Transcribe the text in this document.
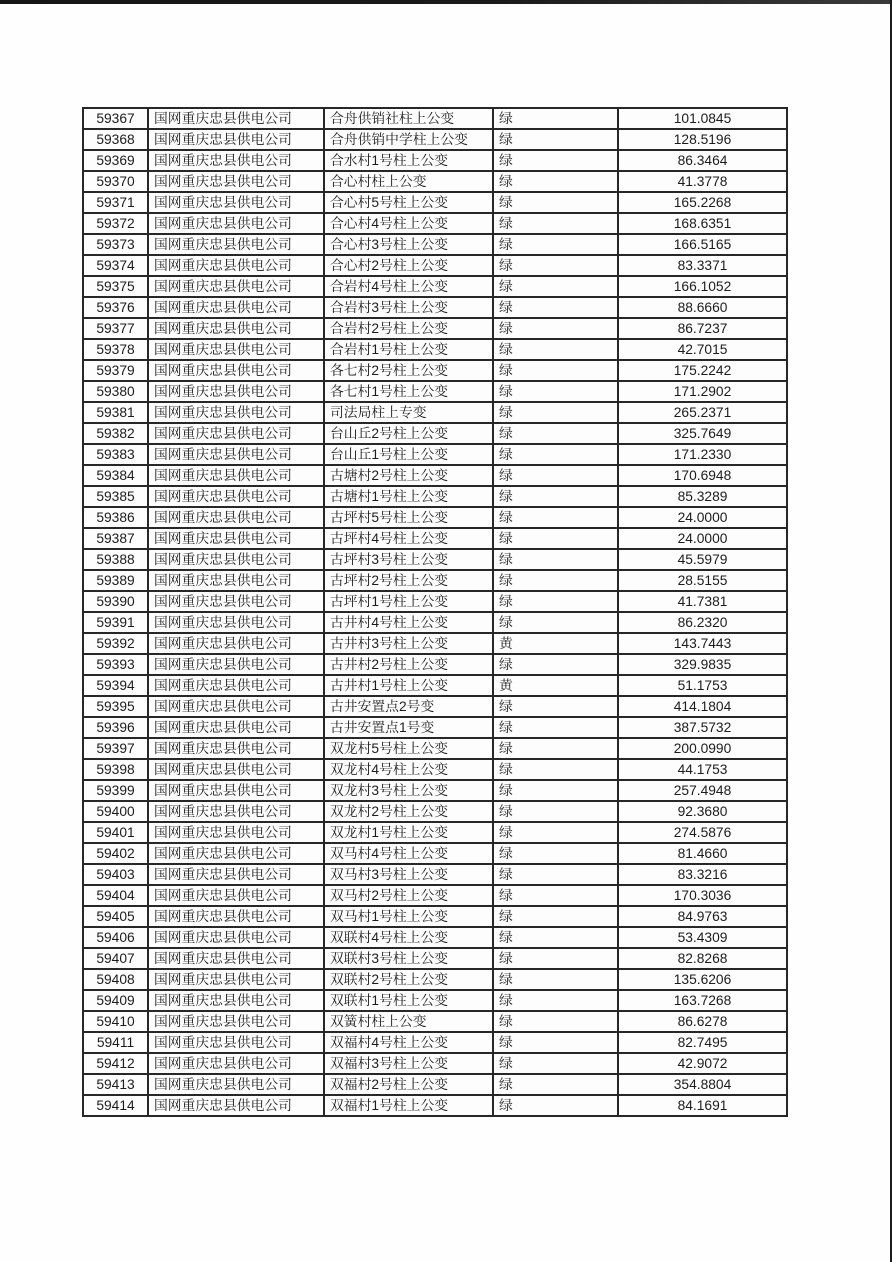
59367	国网重庆忠县供电公司	合舟供销社柱上公变	绿	101.0845
59368	国网重庆忠县供电公司	合舟供销中学柱上公变	绿	128.5196
59369	国网重庆忠县供电公司	合水村1号柱上公变	绿	86.3464
59370	国网重庆忠县供电公司	合心村柱上公变	绿	41.3778
59371	国网重庆忠县供电公司	合心村5号柱上公变	绿	165.2268
59372	国网重庆忠县供电公司	合心村4号柱上公变	绿	168.6351
59373	国网重庆忠县供电公司	合心村3号柱上公变	绿	166.5165
59374	国网重庆忠县供电公司	合心村2号柱上公变	绿	83.3371
59375	国网重庆忠县供电公司	合岩村4号柱上公变	绿	166.1052
59376	国网重庆忠县供电公司	合岩村3号柱上公变	绿	88.6660
59377	国网重庆忠县供电公司	合岩村2号柱上公变	绿	86.7237
59378	国网重庆忠县供电公司	合岩村1号柱上公变	绿	42.7015
59379	国网重庆忠县供电公司	各七村2号柱上公变	绿	175.2242
59380	国网重庆忠县供电公司	各七村1号柱上公变	绿	171.2902
59381	国网重庆忠县供电公司	司法局柱上专变	绿	265.2371
59382	国网重庆忠县供电公司	台山丘2号柱上公变	绿	325.7649
59383	国网重庆忠县供电公司	台山丘1号柱上公变	绿	171.2330
59384	国网重庆忠县供电公司	古塘村2号柱上公变	绿	170.6948
59385	国网重庆忠县供电公司	古塘村1号柱上公变	绿	85.3289
59386	国网重庆忠县供电公司	古坪村5号柱上公变	绿	24.0000
59387	国网重庆忠县供电公司	古坪村4号柱上公变	绿	24.0000
59388	国网重庆忠县供电公司	古坪村3号柱上公变	绿	45.5979
59389	国网重庆忠县供电公司	古坪村2号柱上公变	绿	28.5155
59390	国网重庆忠县供电公司	古坪村1号柱上公变	绿	41.7381
59391	国网重庆忠县供电公司	古井村4号柱上公变	绿	86.2320
59392	国网重庆忠县供电公司	古井村3号柱上公变	黄	143.7443
59393	国网重庆忠县供电公司	古井村2号柱上公变	绿	329.9835
59394	国网重庆忠县供电公司	古井村1号柱上公变	黄	51.1753
59395	国网重庆忠县供电公司	古井安置点2号变	绿	414.1804
59396	国网重庆忠县供电公司	古井安置点1号变	绿	387.5732
59397	国网重庆忠县供电公司	双龙村5号柱上公变	绿	200.0990
59398	国网重庆忠县供电公司	双龙村4号柱上公变	绿	44.1753
59399	国网重庆忠县供电公司	双龙村3号柱上公变	绿	257.4948
59400	国网重庆忠县供电公司	双龙村2号柱上公变	绿	92.3680
59401	国网重庆忠县供电公司	双龙村1号柱上公变	绿	274.5876
59402	国网重庆忠县供电公司	双马村4号柱上公变	绿	81.4660
59403	国网重庆忠县供电公司	双马村3号柱上公变	绿	83.3216
59404	国网重庆忠县供电公司	双马村2号柱上公变	绿	170.3036
59405	国网重庆忠县供电公司	双马村1号柱上公变	绿	84.9763
59406	国网重庆忠县供电公司	双联村4号柱上公变	绿	53.4309
59407	国网重庆忠县供电公司	双联村3号柱上公变	绿	82.8268
59408	国网重庆忠县供电公司	双联村2号柱上公变	绿	135.6206
59409	国网重庆忠县供电公司	双联村1号柱上公变	绿	163.7268
59410	国网重庆忠县供电公司	双簧村柱上公变	绿	86.6278
59411	国网重庆忠县供电公司	双福村4号柱上公变	绿	82.7495
59412	国网重庆忠县供电公司	双福村3号柱上公变	绿	42.9072
59413	国网重庆忠县供电公司	双福村2号柱上公变	绿	354.8804
59414	国网重庆忠县供电公司	双福村1号柱上公变	绿	84.1691
